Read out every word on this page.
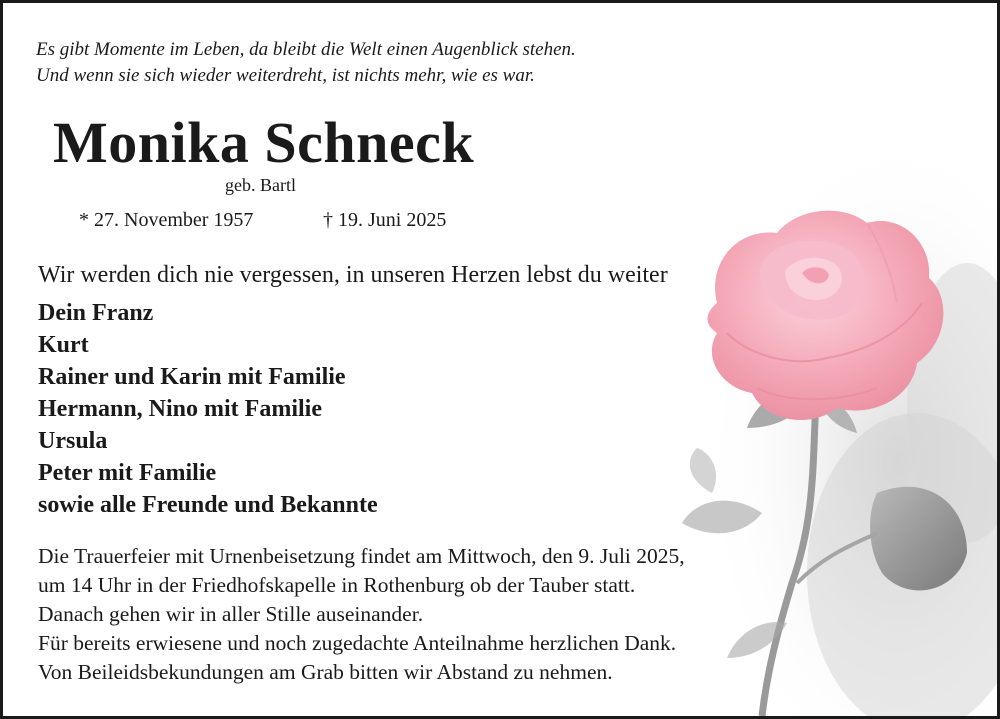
Es gibt Momente im Leben, da bleibt die Welt einen Augenblick stehen.
Und wenn sie sich wieder weiterdreht, ist nichts mehr, wie es war.
Monika Schneck
geb. Bartl
* 27. November 1957	† 19. Juni 2025
Wir werden dich nie vergessen, in unseren Herzen lebst du weiter
Dein Franz
Kurt
Rainer und Karin mit Familie
Hermann, Nino mit Familie
Ursula
Peter mit Familie
sowie alle Freunde und Bekannte
Die Trauerfeier mit Urnenbeisetzung findet am Mittwoch, den 9. Juli 2025,
um 14 Uhr in der Friedhofskapelle in Rothenburg ob der Tauber statt.
Danach gehen wir in aller Stille auseinander.
Für bereits erwiesene und noch zugedachte Anteilnahme herzlichen Dank.
Von Beileidsbekundungen am Grab bitten wir Abstand zu nehmen.
